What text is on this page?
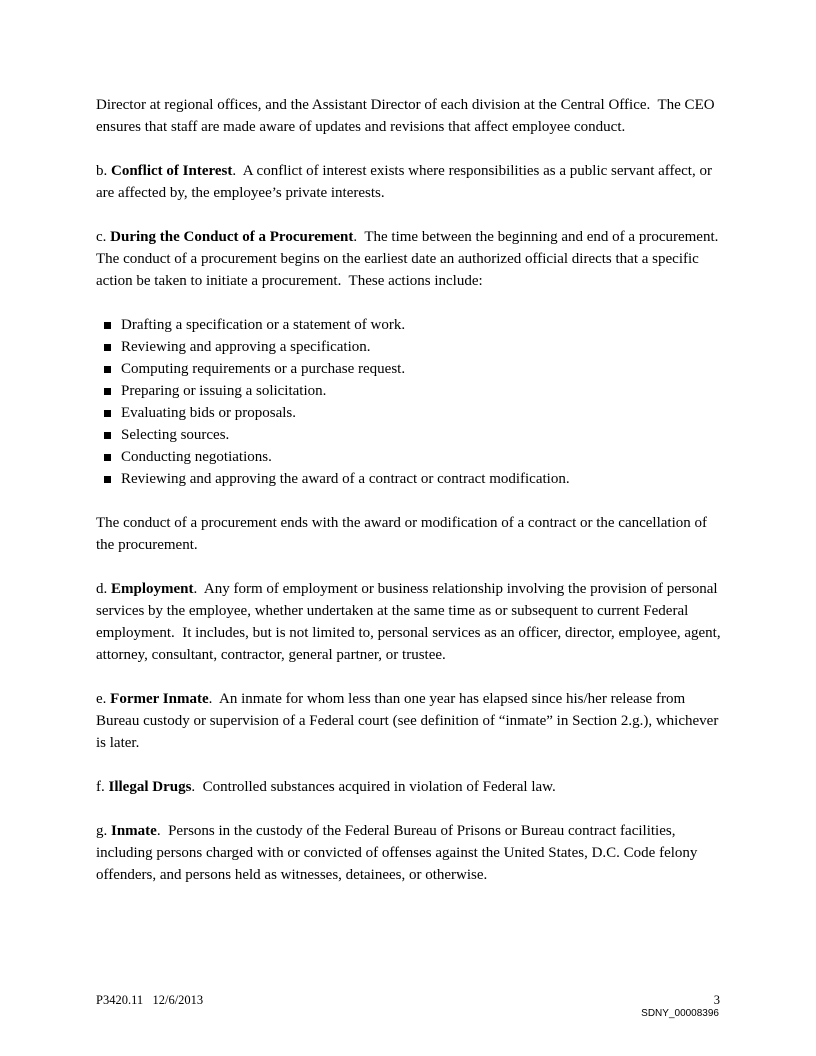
Director at regional offices, and the Assistant Director of each division at the Central Office.  The CEO ensures that staff are made aware of updates and revisions that affect employee conduct.

b. Conflict of Interest.  A conflict of interest exists where responsibilities as a public servant affect, or are affected by, the employee’s private interests.

c. During the Conduct of a Procurement.  The time between the beginning and end of a procurement.  The conduct of a procurement begins on the earliest date an authorized official directs that a specific action be taken to initiate a procurement.  These actions include:

Drafting a specification or a statement of work.
Reviewing and approving a specification.
Computing requirements or a purchase request.
Preparing or issuing a solicitation.
Evaluating bids or proposals.
Selecting sources.
Conducting negotiations.
Reviewing and approving the award of a contract or contract modification.

The conduct of a procurement ends with the award or modification of a contract or the cancellation of the procurement.

d. Employment.  Any form of employment or business relationship involving the provision of personal services by the employee, whether undertaken at the same time as or subsequent to current Federal employment.  It includes, but is not limited to, personal services as an officer, director, employee, agent, attorney, consultant, contractor, general partner, or trustee.

e. Former Inmate.  An inmate for whom less than one year has elapsed since his/her release from Bureau custody or supervision of a Federal court (see definition of “inmate” in Section 2.g.), whichever is later.

f. Illegal Drugs.  Controlled substances acquired in violation of Federal law.

g. Inmate.  Persons in the custody of the Federal Bureau of Prisons or Bureau contract facilities, including persons charged with or convicted of offenses against the United States, D.C. Code felony offenders, and persons held as witnesses, detainees, or otherwise.

P3420.11   12/6/2013	3
SDNY_00008396
